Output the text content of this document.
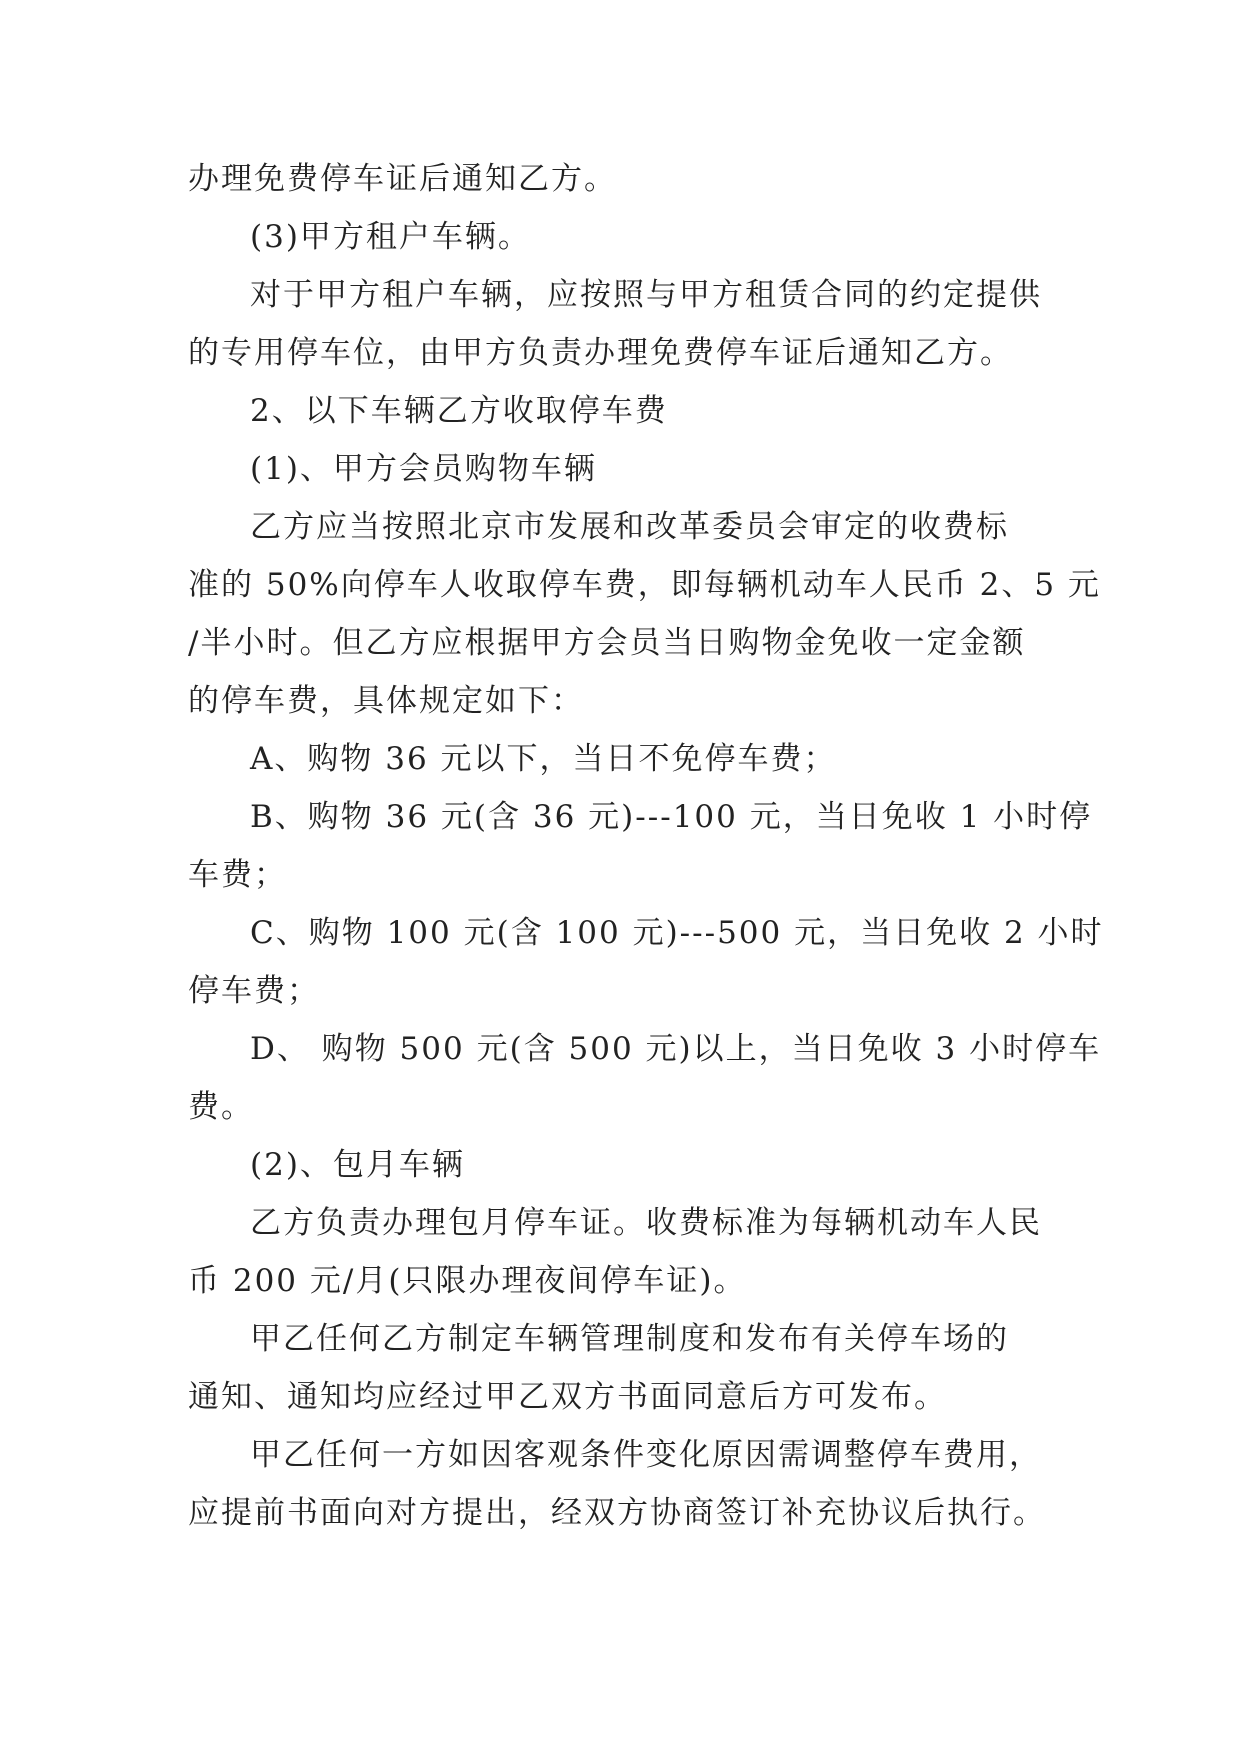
办理免费停车证后通知乙方。
(3)甲方租户车辆。
对于甲方租户车辆，应按照与甲方租赁合同的约定提供
的专用停车位，由甲方负责办理免费停车证后通知乙方。
2、以下车辆乙方收取停车费
(1)、甲方会员购物车辆
乙方应当按照北京市发展和改革委员会审定的收费标
准的 50%向停车人收取停车费，即每辆机动车人民币 2、5 元
/半小时。但乙方应根据甲方会员当日购物金免收一定金额
的停车费，具体规定如下：
A、购物 36 元以下，当日不免停车费；
B、购物 36 元(含 36 元)---100 元，当日免收 1 小时停
车费；
C、购物 100 元(含 100 元)---500 元，当日免收 2 小时
停车费；
D、 购物 500 元(含 500 元)以上，当日免收 3 小时停车
费。
(2)、包月车辆
乙方负责办理包月停车证。收费标准为每辆机动车人民
币 200 元/月(只限办理夜间停车证)。
甲乙任何乙方制定车辆管理制度和发布有关停车场的
通知、通知均应经过甲乙双方书面同意后方可发布。
甲乙任何一方如因客观条件变化原因需调整停车费用，
应提前书面向对方提出，经双方协商签订补充协议后执行。
